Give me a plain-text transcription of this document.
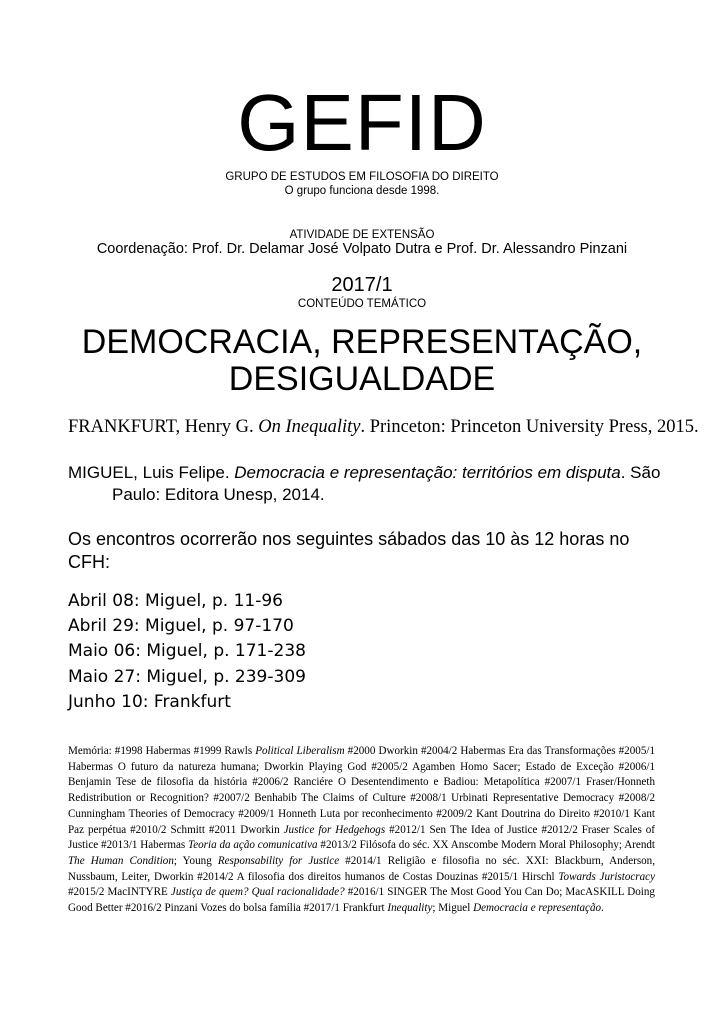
GEFID
GRUPO DE ESTUDOS EM FILOSOFIA DO DIREITO
O grupo funciona desde 1998.
ATIVIDADE DE EXTENSÃO
Coordenação: Prof. Dr. Delamar José Volpato Dutra e Prof. Dr. Alessandro Pinzani
2017/1
CONTEÚDO TEMÁTICO
DEMOCRACIA, REPRESENTAÇÃO, DESIGUALDADE
FRANKFURT, Henry G. On Inequality. Princeton: Princeton University Press, 2015.
MIGUEL, Luis Felipe. Democracia e representação: territórios em disputa. São Paulo: Editora Unesp, 2014.
Os encontros ocorrerão nos seguintes sábados das 10 às 12 horas no CFH:
Abril 08: Miguel, p. 11-96
Abril 29: Miguel, p. 97-170
Maio 06: Miguel, p. 171-238
Maio 27: Miguel, p. 239-309
Junho 10: Frankfurt

Memória: #1998 Habermas #1999 Rawls Political Liberalism #2000 Dworkin #2004/2 Habermas Era das Transformações #2005/1 Habermas O futuro da natureza humana; Dworkin Playing God #2005/2 Agamben Homo Sacer; Estado de Exceção #2006/1 Benjamin Tese de filosofia da história #2006/2 Ranciére O Desentendimento e Badiou: Metapolítica #2007/1 Fraser/Honneth Redistribution or Recognition? #2007/2 Benhabib The Claims of Culture #2008/1 Urbinati Representative Democracy #2008/2 Cunningham Theories of Democracy #2009/1 Honneth Luta por reconhecimento #2009/2 Kant Doutrina do Direito #2010/1 Kant Paz perpétua #2010/2 Schmitt #2011 Dworkin Justice for Hedgehogs #2012/1 Sen The Idea of Justice #2012/2 Fraser Scales of Justice #2013/1 Habermas Teoria da ação comunicativa #2013/2 Filósofa do séc. XX Anscombe Modern Moral Philosophy; Arendt The Human Condition; Young Responsability for Justice #2014/1 Religião e filosofia no séc. XXI: Blackburn, Anderson, Nussbaum, Leiter, Dworkin #2014/2 A filosofia dos direitos humanos de Costas Douzinas #2015/1 Hirschl Towards Juristocracy #2015/2 MacINTYRE Justiça de quem? Qual racionalidade? #2016/1 SINGER The Most Good You Can Do; MacASKILL Doing Good Better #2016/2 Pinzani Vozes do bolsa família #2017/1 Frankfurt Inequality; Miguel Democracia e representação.
